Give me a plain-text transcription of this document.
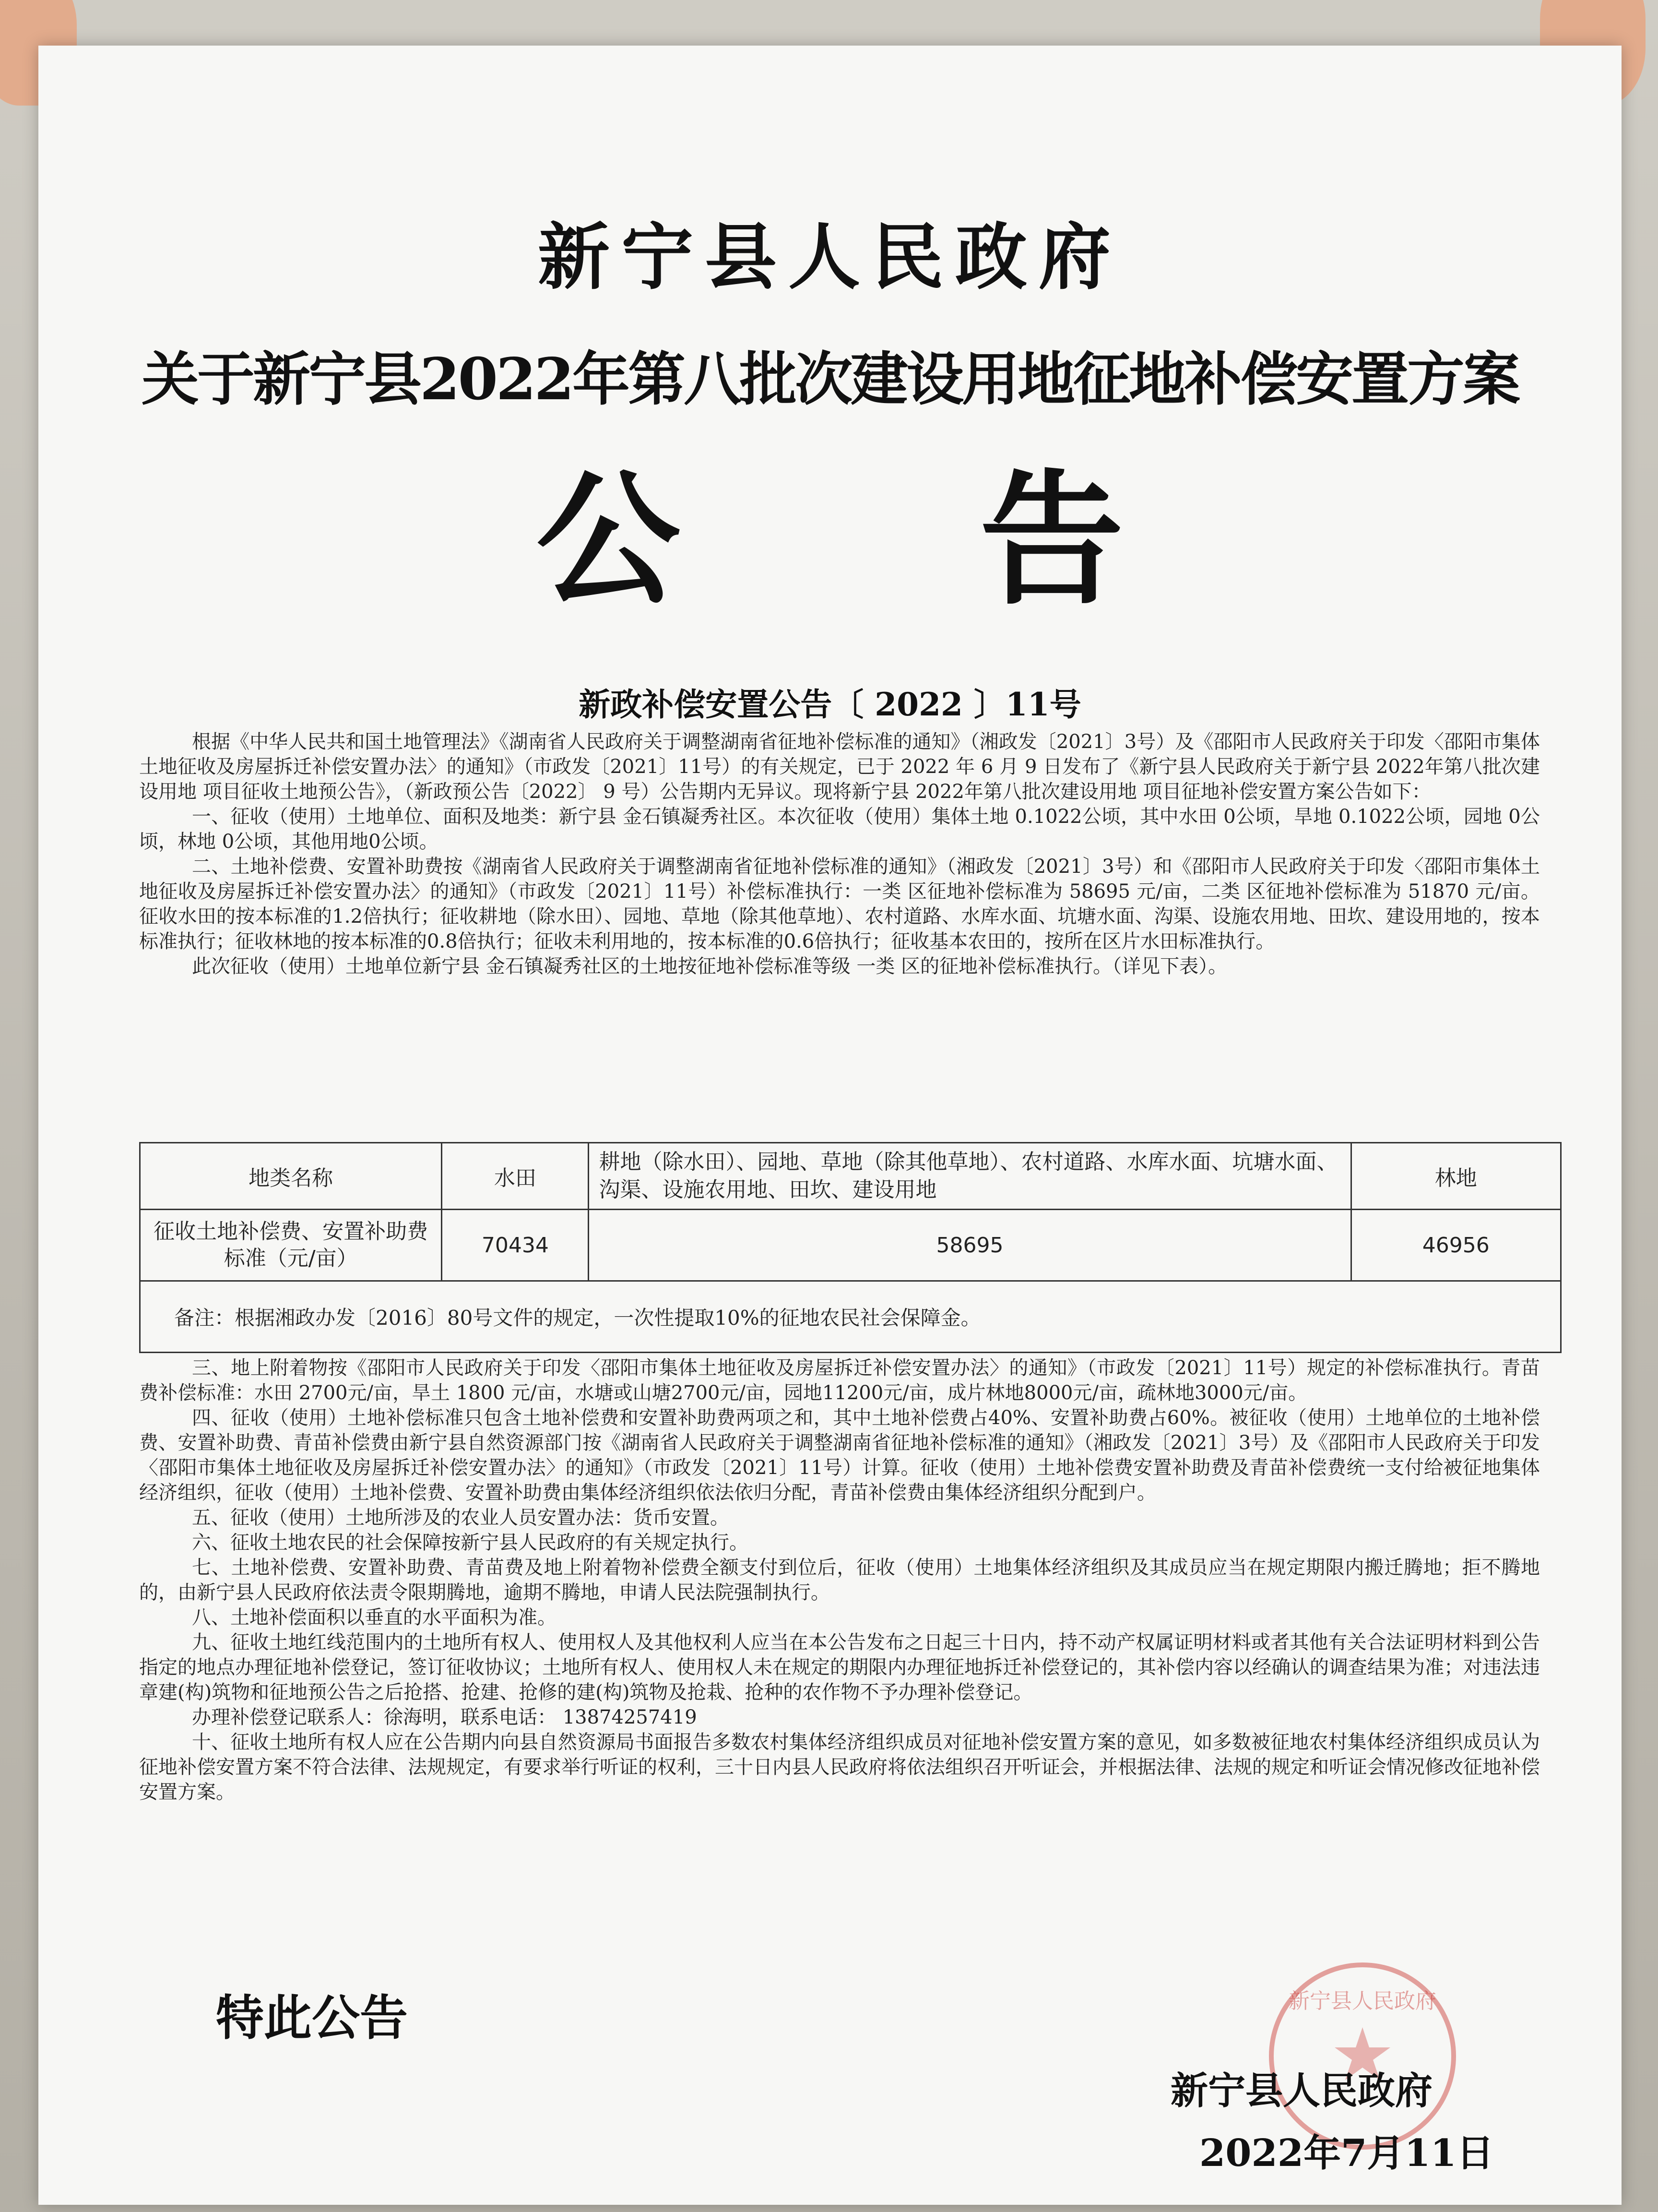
新宁县人民政府
关于新宁县2022年第八批次建设用地征地补偿安置方案
公 告
新政补偿安置公告〔 2022 〕11号

根据《中华人民共和国土地管理法》《湖南省人民政府关于调整湖南省征地补偿标准的通知》（湘政发〔2021〕3号）及《邵阳市人民政府关于印发〈邵阳市集体土地征收及房屋拆迁补偿安置办法〉的通知》（市政发〔2021〕11号）的有关规定，已于 2022 年 6 月 9 日发布了《新宁县人民政府关于新宁县 2022年第八批次建设用地 项目征收土地预公告》，（新政预公告〔2022〕 9 号）公告期内无异议。现将新宁县 2022年第八批次建设用地 项目征地补偿安置方案公告如下：

一、征收（使用）土地单位、面积及地类：新宁县 金石镇凝秀社区。本次征收（使用）集体土地 0.1022公顷，其中水田 0公顷，旱地 0.1022公顷，园地 0公顷，林地 0公顷，其他用地0公顷。

二、土地补偿费、安置补助费按《湖南省人民政府关于调整湖南省征地补偿标准的通知》（湘政发〔2021〕3号）和《邵阳市人民政府关于印发〈邵阳市集体土地征收及房屋拆迁补偿安置办法〉的通知》（市政发〔2021〕11号）补偿标准执行：一类 区征地补偿标准为 58695 元/亩，二类 区征地补偿标准为 51870 元/亩。征收水田的按本标准的1.2倍执行；征收耕地（除水田）、园地、草地（除其他草地）、农村道路、水库水面、坑塘水面、沟渠、设施农用地、田坎、建设用地的，按本标准执行；征收林地的按本标准的0.8倍执行；征收未利用地的，按本标准的0.6倍执行；征收基本农田的，按所在区片水田标准执行。

此次征收（使用）土地单位新宁县 金石镇凝秀社区的土地按征地补偿标准等级 一类 区的征地补偿标准执行。（详见下表）。

地类名称	水田	耕地（除水田）、园地、草地（除其他草地）、农村道路、水库水面、坑塘水面、沟渠、设施农用地、田坎、建设用地	林地
征收土地补偿费、安置补助费标准（元/亩）	70434	58695	46956
备注：根据湘政办发〔2016〕80号文件的规定，一次性提取10%的征地农民社会保障金。			

三、地上附着物按《邵阳市人民政府关于印发〈邵阳市集体土地征收及房屋拆迁补偿安置办法〉的通知》（市政发〔2021〕11号）规定的补偿标准执行。青苗费补偿标准：水田 2700元/亩，旱土 1800 元/亩，水塘或山塘2700元/亩，园地11200元/亩，成片林地8000元/亩，疏林地3000元/亩。

四、征收（使用）土地补偿标准只包含土地补偿费和安置补助费两项之和，其中土地补偿费占40%、安置补助费占60%。被征收（使用）土地单位的土地补偿费、安置补助费、青苗补偿费由新宁县自然资源部门按《湖南省人民政府关于调整湖南省征地补偿标准的通知》（湘政发〔2021〕3号）及《邵阳市人民政府关于印发〈邵阳市集体土地征收及房屋拆迁补偿安置办法〉的通知》（市政发〔2021〕11号）计算。征收（使用）土地补偿费安置补助费及青苗补偿费统一支付给被征地集体经济组织，征收（使用）土地补偿费、安置补助费由集体经济组织依法依归分配，青苗补偿费由集体经济组织分配到户。

五、征收（使用）土地所涉及的农业人员安置办法：货币安置。

六、征收土地农民的社会保障按新宁县人民政府的有关规定执行。

七、土地补偿费、安置补助费、青苗费及地上附着物补偿费全额支付到位后，征收（使用）土地集体经济组织及其成员应当在规定期限内搬迁腾地；拒不腾地的，由新宁县人民政府依法责令限期腾地，逾期不腾地，申请人民法院强制执行。

八、土地补偿面积以垂直的水平面积为准。

九、征收土地红线范围内的土地所有权人、使用权人及其他权利人应当在本公告发布之日起三十日内，持不动产权属证明材料或者其他有关合法证明材料到公告指定的地点办理征地补偿登记，签订征收协议；土地所有权人、使用权人未在规定的期限内办理征地拆迁补偿登记的，其补偿内容以经确认的调查结果为准；对违法违章建(构)筑物和征地预公告之后抢搭、抢建、抢修的建(构)筑物及抢栽、抢种的农作物不予办理补偿登记。

办理补偿登记联系人：徐海明，联系电话： 13874257419

十、征收土地所有权人应在公告期内向县自然资源局书面报告多数农村集体经济组织成员对征地补偿安置方案的意见，如多数被征地农村集体经济组织成员认为征地补偿安置方案不符合法律、法规规定，有要求举行听证的权利，三十日内县人民政府将依法组织召开听证会，并根据法律、法规的规定和听证会情况修改征地补偿安置方案。

特此公告	新宁县人民政府
新宁县人民政府
2022年7月11日
